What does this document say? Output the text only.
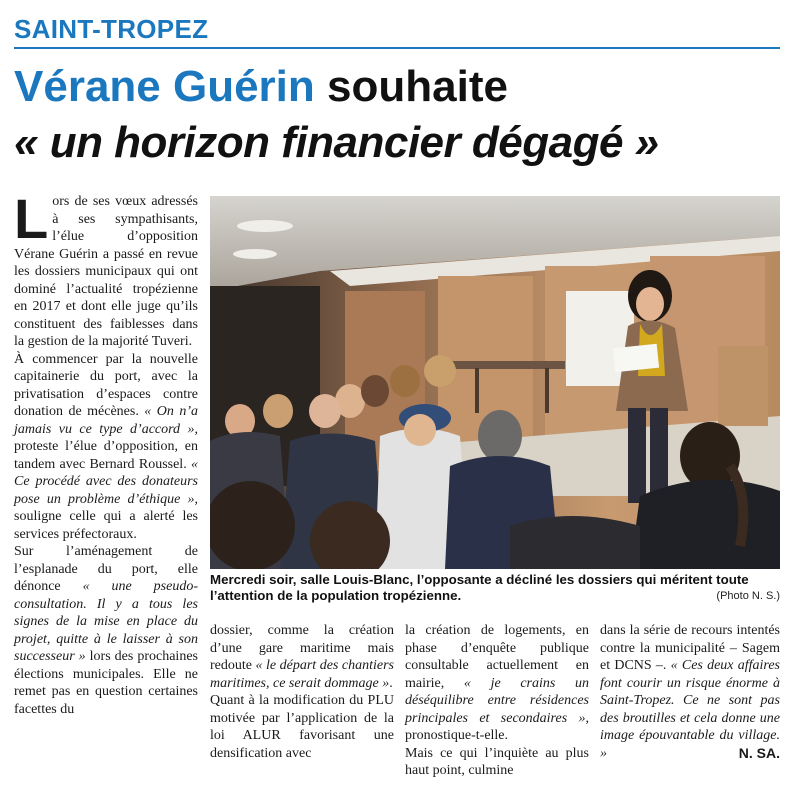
SAINT-TROPEZ
Vérane Guérin souhaite
« un horizon financier dégagé »

Lors de ses vœux adressés à ses sympathisants, l’élue d’opposition Vérane Guérin a passé en revue les dossiers municipaux qui ont dominé l’actualité tropézienne en 2017 et dont elle juge qu’ils constituent des faiblesses dans la gestion de la majorité Tuveri.

À commencer par la nouvelle capitainerie du port, avec la privatisation d’espaces contre donation de mécènes. « On n’a jamais vu ce type d’accord », proteste l’élue d’opposition, en tandem avec Bernard Roussel. « Ce procédé avec des donateurs pose un problème d’éthique », souligne celle qui a alerté les services préfectoraux.

Sur l’aménagement de l’esplanade du port, elle dénonce « une pseudo-consultation. Il y a tous les signes de la mise en place du projet, quitte à le laisser à son successeur » lors des prochaines élections municipales. Elle ne remet pas en question certaines facettes du

Mercredi soir, salle Louis-Blanc, l’opposante a décliné les dossiers qui méritent toute l’attention de la population tropézienne.	(Photo N. S.)

dossier, comme la création d’une gare maritime mais redoute « le départ des chantiers maritimes, ce serait dommage ».

Quant à la modification du PLU motivée par l’application de la loi ALUR favorisant une densification avec

la création de logements, en phase d’enquête publique consultable actuellement en mairie, « je crains un déséquilibre entre résidences principales et secondaires », pronostique-t-elle.

Mais ce qui l’inquiète au plus haut point, culmine

dans la série de recours intentés contre la municipalité – Sagem et DCNS –. « Ces deux affaires font courir un risque énorme à Saint-Tropez. Ce ne sont pas des broutilles et cela donne une image épouvantable du village. »	N. SA.
